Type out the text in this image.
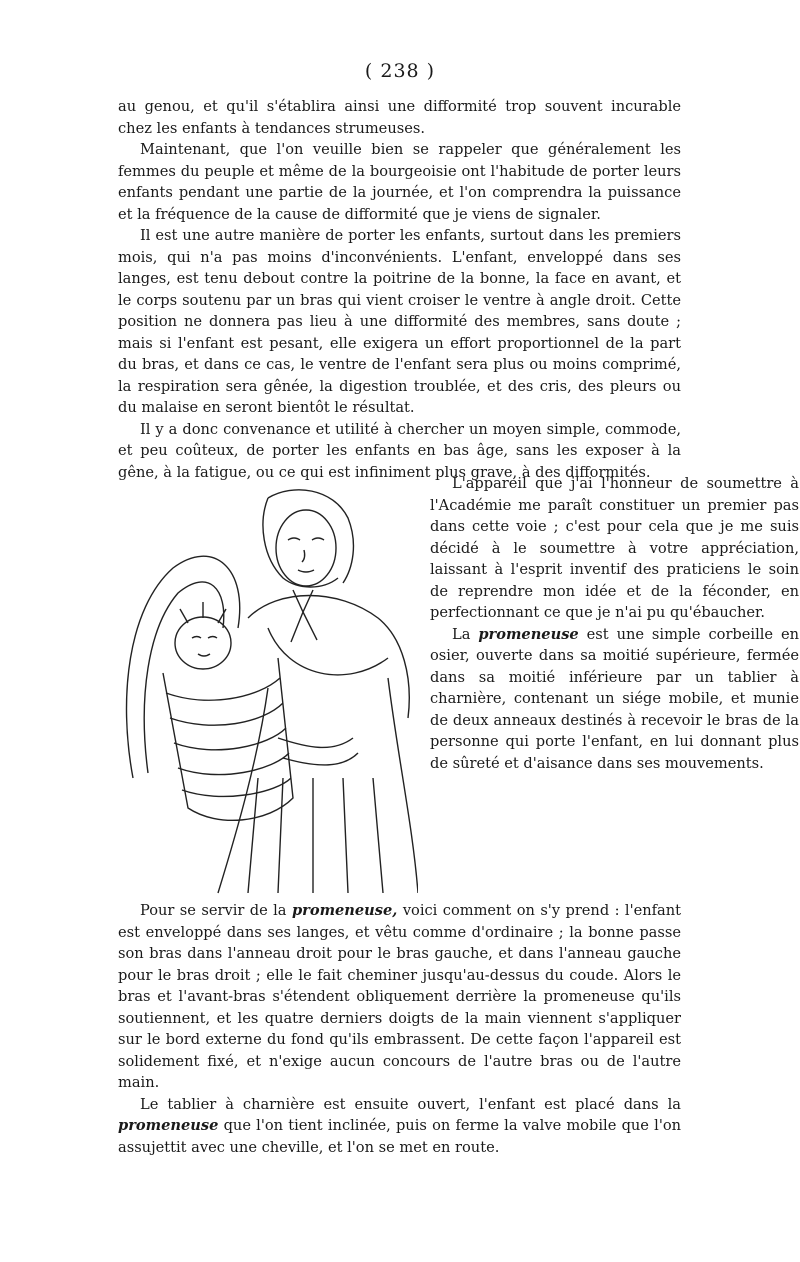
( 238 )

au genou, et qu'il s'établira ainsi une difformité trop souvent incurable chez les enfants à tendances strumeuses.

Maintenant, que l'on veuille bien se rappeler que généralement les femmes du peuple et même de la bourgeoisie ont l'habitude de porter leurs enfants pendant une partie de la journée, et l'on comprendra la puissance et la fréquence de la cause de difformité que je viens de signaler.

Il est une autre manière de porter les enfants, surtout dans les premiers mois, qui n'a pas moins d'inconvénients. L'enfant, enveloppé dans ses langes, est tenu debout contre la poitrine de la bonne, la face en avant, et le corps soutenu par un bras qui vient croiser le ventre à angle droit. Cette position ne donnera pas lieu à une difformité des membres, sans doute ; mais si l'enfant est pesant, elle exigera un effort proportionnel de la part du bras, et dans ce cas, le ventre de l'enfant sera plus ou moins comprimé, la respiration sera gênée, la digestion troublée, et des cris, des pleurs ou du malaise en seront bientôt le résultat.

Il y a donc convenance et utilité à chercher un moyen simple, commode, et peu coûteux, de porter les enfants en bas âge, sans les exposer à la gêne, à la fatigue, ou ce qui est infiniment plus grave, à des difformités.

L'appareil que j'ai l'honneur de soumettre à l'Académie me paraît constituer un premier pas dans cette voie ; c'est pour cela que je me suis décidé à le soumettre à votre appréciation, laissant à l'esprit inventif des praticiens le soin de reprendre mon idée et de la féconder, en perfectionnant ce que je n'ai pu qu'ébaucher.

La promeneuse est une simple corbeille en osier, ouverte dans sa moitié supérieure, fermée dans sa moitié inférieure par un tablier à charnière, contenant un siége mobile, et munie de deux anneaux destinés à recevoir le bras de la personne qui porte l'enfant, en lui donnant plus de sûreté et d'aisance dans ses mouvements.

Pour se servir de la promeneuse, voici comment on s'y prend : l'enfant est enveloppé dans ses langes, et vêtu comme d'ordinaire ; la bonne passe son bras dans l'anneau droit pour le bras gauche, et dans l'anneau gauche pour le bras droit ; elle le fait cheminer jusqu'au-dessus du coude. Alors le bras et l'avant-bras s'étendent obliquement derrière la promeneuse qu'ils soutiennent, et les quatre derniers doigts de la main viennent s'appliquer sur le bord externe du fond qu'ils embrassent. De cette façon l'appareil est solidement fixé, et n'exige aucun concours de l'autre bras ou de l'autre main.

Le tablier à charnière est ensuite ouvert, l'enfant est placé dans la promeneuse que l'on tient inclinée, puis on ferme la valve mobile que l'on assujettit avec une cheville, et l'on se met en route.
